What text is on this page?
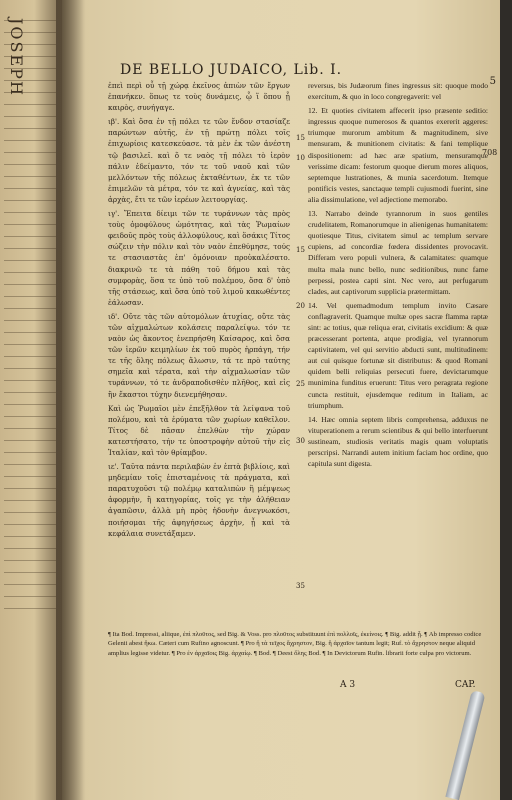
JOSEPH	DE BELLO JUDAICO, Lib. I.
5
708

ἐπεὶ περὶ οὗ τῇ χώρᾳ ἐκεῖνος ἀπιὼν τῶν ἔργων ἐπανήκεν. ὅπως τε τοὺς δυνάμεις, ᾧ ἵ ὅπου ᾗ καιρὸς, συνήγαγε.

ιβ'. Καὶ ὅσα ἐν τῇ πόλει τε τῶν ἔνδον στασίαζε παρώντων αὐτῆς, ἐν τῇ πρώτῃ πόλει τοῖς ἐπιχωρίοις κατεσκεύασε. τὰ μὲν ἐκ τῶν ἀνέστη τῷ βασιλεῖ. καὶ ὅ τε ναὸς τῇ πόλει τὸ ἱερὸν πάλιν ἐδείμαντο, τόν τε τοῦ ναοῦ καὶ τῶν μελλόντων τῆς πόλεως ἐκταθέντων, ἐκ τε τῶν ἐπιμελῶν τὰ μέτρα, τόν τε καὶ ἁγνείας, καὶ τὰς ἀρχὰς, ἔτι τε τῶν ἱερέων λειτουργίας.

ιγ'. Ἔπειτα δίειμι τῶν τε τυράννων τὰς πρὸς τοὺς ὁμοφύλους ὠμότητας, καὶ τὰς Ῥωμαίων φειδοῦς πρὸς τοὺς ἀλλοφύλους, καὶ ὅσάκις Τίτος σώζειν τὴν πόλιν καὶ τὸν ναὸν ἐπεθύμησε, τούς τε στασιαστὰς ἐπ' ὁμόνοιαν προὐκαλέσατο. διακρινῶ τε τὰ πάθη τοῦ δήμου καὶ τὰς συμφορὰς, ὅσα τε ὑπὸ τοῦ πολέμου, ὅσα δ' ὑπὸ τῆς στάσεως, καὶ ὅσα ὑπὸ τοῦ λιμοῦ κακωθέντες ἑάλωσαν.

ιδ'. Οὔτε τὰς τῶν αὐτομόλων ἀτυχίας, οὔτε τὰς τῶν αἰχμαλώτων κολάσεις παραλείψω. τόν τε ναὸν ὡς ἄκοντος ἐνεπρήσθη Καίσαρος, καὶ ὅσα τῶν ἱερῶν κειμηλίων ἐκ τοῦ πυρὸς ἡρπάγη, τήν τε τῆς ὅλης πόλεως ἅλωσιν, τά τε πρὸ ταύτης σημεῖα καὶ τέρατα, καὶ τὴν αἰχμαλωσίαν τῶν τυράννων, τό τε ἀνδραποδισθὲν πλῆθος, καὶ εἰς ἣν ἕκαστοι τύχην διενεμήθησαν.

Καὶ ὡς Ῥωμαῖοι μὲν ἐπεξῆλθον τὰ λείψανα τοῦ πολέμου, καὶ τὰ ἐρύματα τῶν χωρίων καθεῖλον. Τίτος δὲ πᾶσαν ἐπελθὼν τὴν χώραν κατεστήσατο, τήν τε ὑποστροφὴν αὐτοῦ τὴν εἰς Ἰταλίαν, καὶ τὸν θρίαμβον.

ιε'. Ταῦτα πάντα περιλαβὼν ἐν ἑπτὰ βιβλίοις, καὶ μηδεμίαν τοῖς ἐπισταμένοις τὰ πράγματα, καὶ παρατυχοῦσι τῷ πολέμῳ καταλιπὼν ἢ μέμψεως ἀφορμὴν, ἢ κατηγορίας, τοῖς γε τὴν ἀλήθειαν ἀγαπῶσιν, ἀλλὰ μὴ πρὸς ἡδονὴν ἀνεγνωκόσι, ποιήσομαι τῆς ἀφηγήσεως ἀρχὴν, ᾗ καὶ τὰ κεφάλαια συνετάξαμεν.

15
10
15
20
25
30
35

reversus, bis Judæorum fines ingressus sit: quoque modo exercitum, & quo in loco congregaverit: vel

12. Et quoties civitatem affecerit ipso præsente seditio: ingressus quoque numerosos & quantos exererit aggeres: triumque murorum ambitum & magnitudinem, sive mensuram, & munitionem civitatis: & fani templique dispositionem: ad hæc aræ spatium, mensuramque verissime dicam: festorum quoque dierum mores aliquos, septemque lustrationes, & munia sacerdotum. Itemque pontificis vestes, sanctaque templi cujusmodi fuerint, sine alia dissimulatione, vel adjectione memorabo.

13. Narrabo deinde tyrannorum in suos gentiles crudelitatem, Romanorumque in alienigenas humanitatem: quotiesque Titus, civitatem simul ac templum servare cupiens, ad concordiæ fœdera dissidentes provocavit. Differam vero populi vulnera, & calamitates: quamque multa mala nunc bello, nunc seditionibus, nunc fame perpessi, postea capti sint. Nec vero, aut perfugarum clades, aut captivorum supplicia prætermittam.

14. Vel quemadmodum templum invito Cæsare conflagraverit. Quamque multæ opes sacræ flamma raptæ sint: ac totius, quæ reliqua erat, civitatis excidium: & quæ præcesserant portenta, atque prodigia, vel tyrannorum captivitatem, vel qui servitio abducti sunt, multitudinem: aut cui quisque fortunæ sit distributus: & quod Romani quidem belli reliquias persecuti fuere, devictarumque munimina funditus eruerunt: Titus vero peragrata regione cuncta restituit, ejusdemque reditum in Italiam, ac triumphum.

14. Hæc omnia septem libris comprehensa, adduxus ne vituperationem a rerum scientibus & qui bello interfuerunt sustineam, studiosis veritatis magis quam voluptatis perscripsi. Narrandi autem initium faciam hoc ordine, quo capitula sunt digesta.

¶ Ita Bod. Impressi, aliique, ἐπὶ πλοῦτος, sed Big. & Voss. pro πλοῦτος substituunt ἐπὶ πολλοῖς, ἐκείνοις. ¶ Big. addit ᾗ. ¶ Ab impresso codice Gelenii abest ἥκω. Cæteri cum Rufino agnoscunt. ¶ Pro ἢ τὰ τεῖχος ἄχρηστον, Big. ἢ ἀρχαῖον tantum legit; Ruf. τὸ ἄχρηστον neque aliquid amplius legisse videtur. ¶ Pro ἐν ἀρχαῖοις Big. ἀρχαίῳ. ¶ Bod. ¶ Deest ὅλης Bod. ¶ In Devictorum Rufin. librarii forte culpa pro victorum.
A 3	CAP.
